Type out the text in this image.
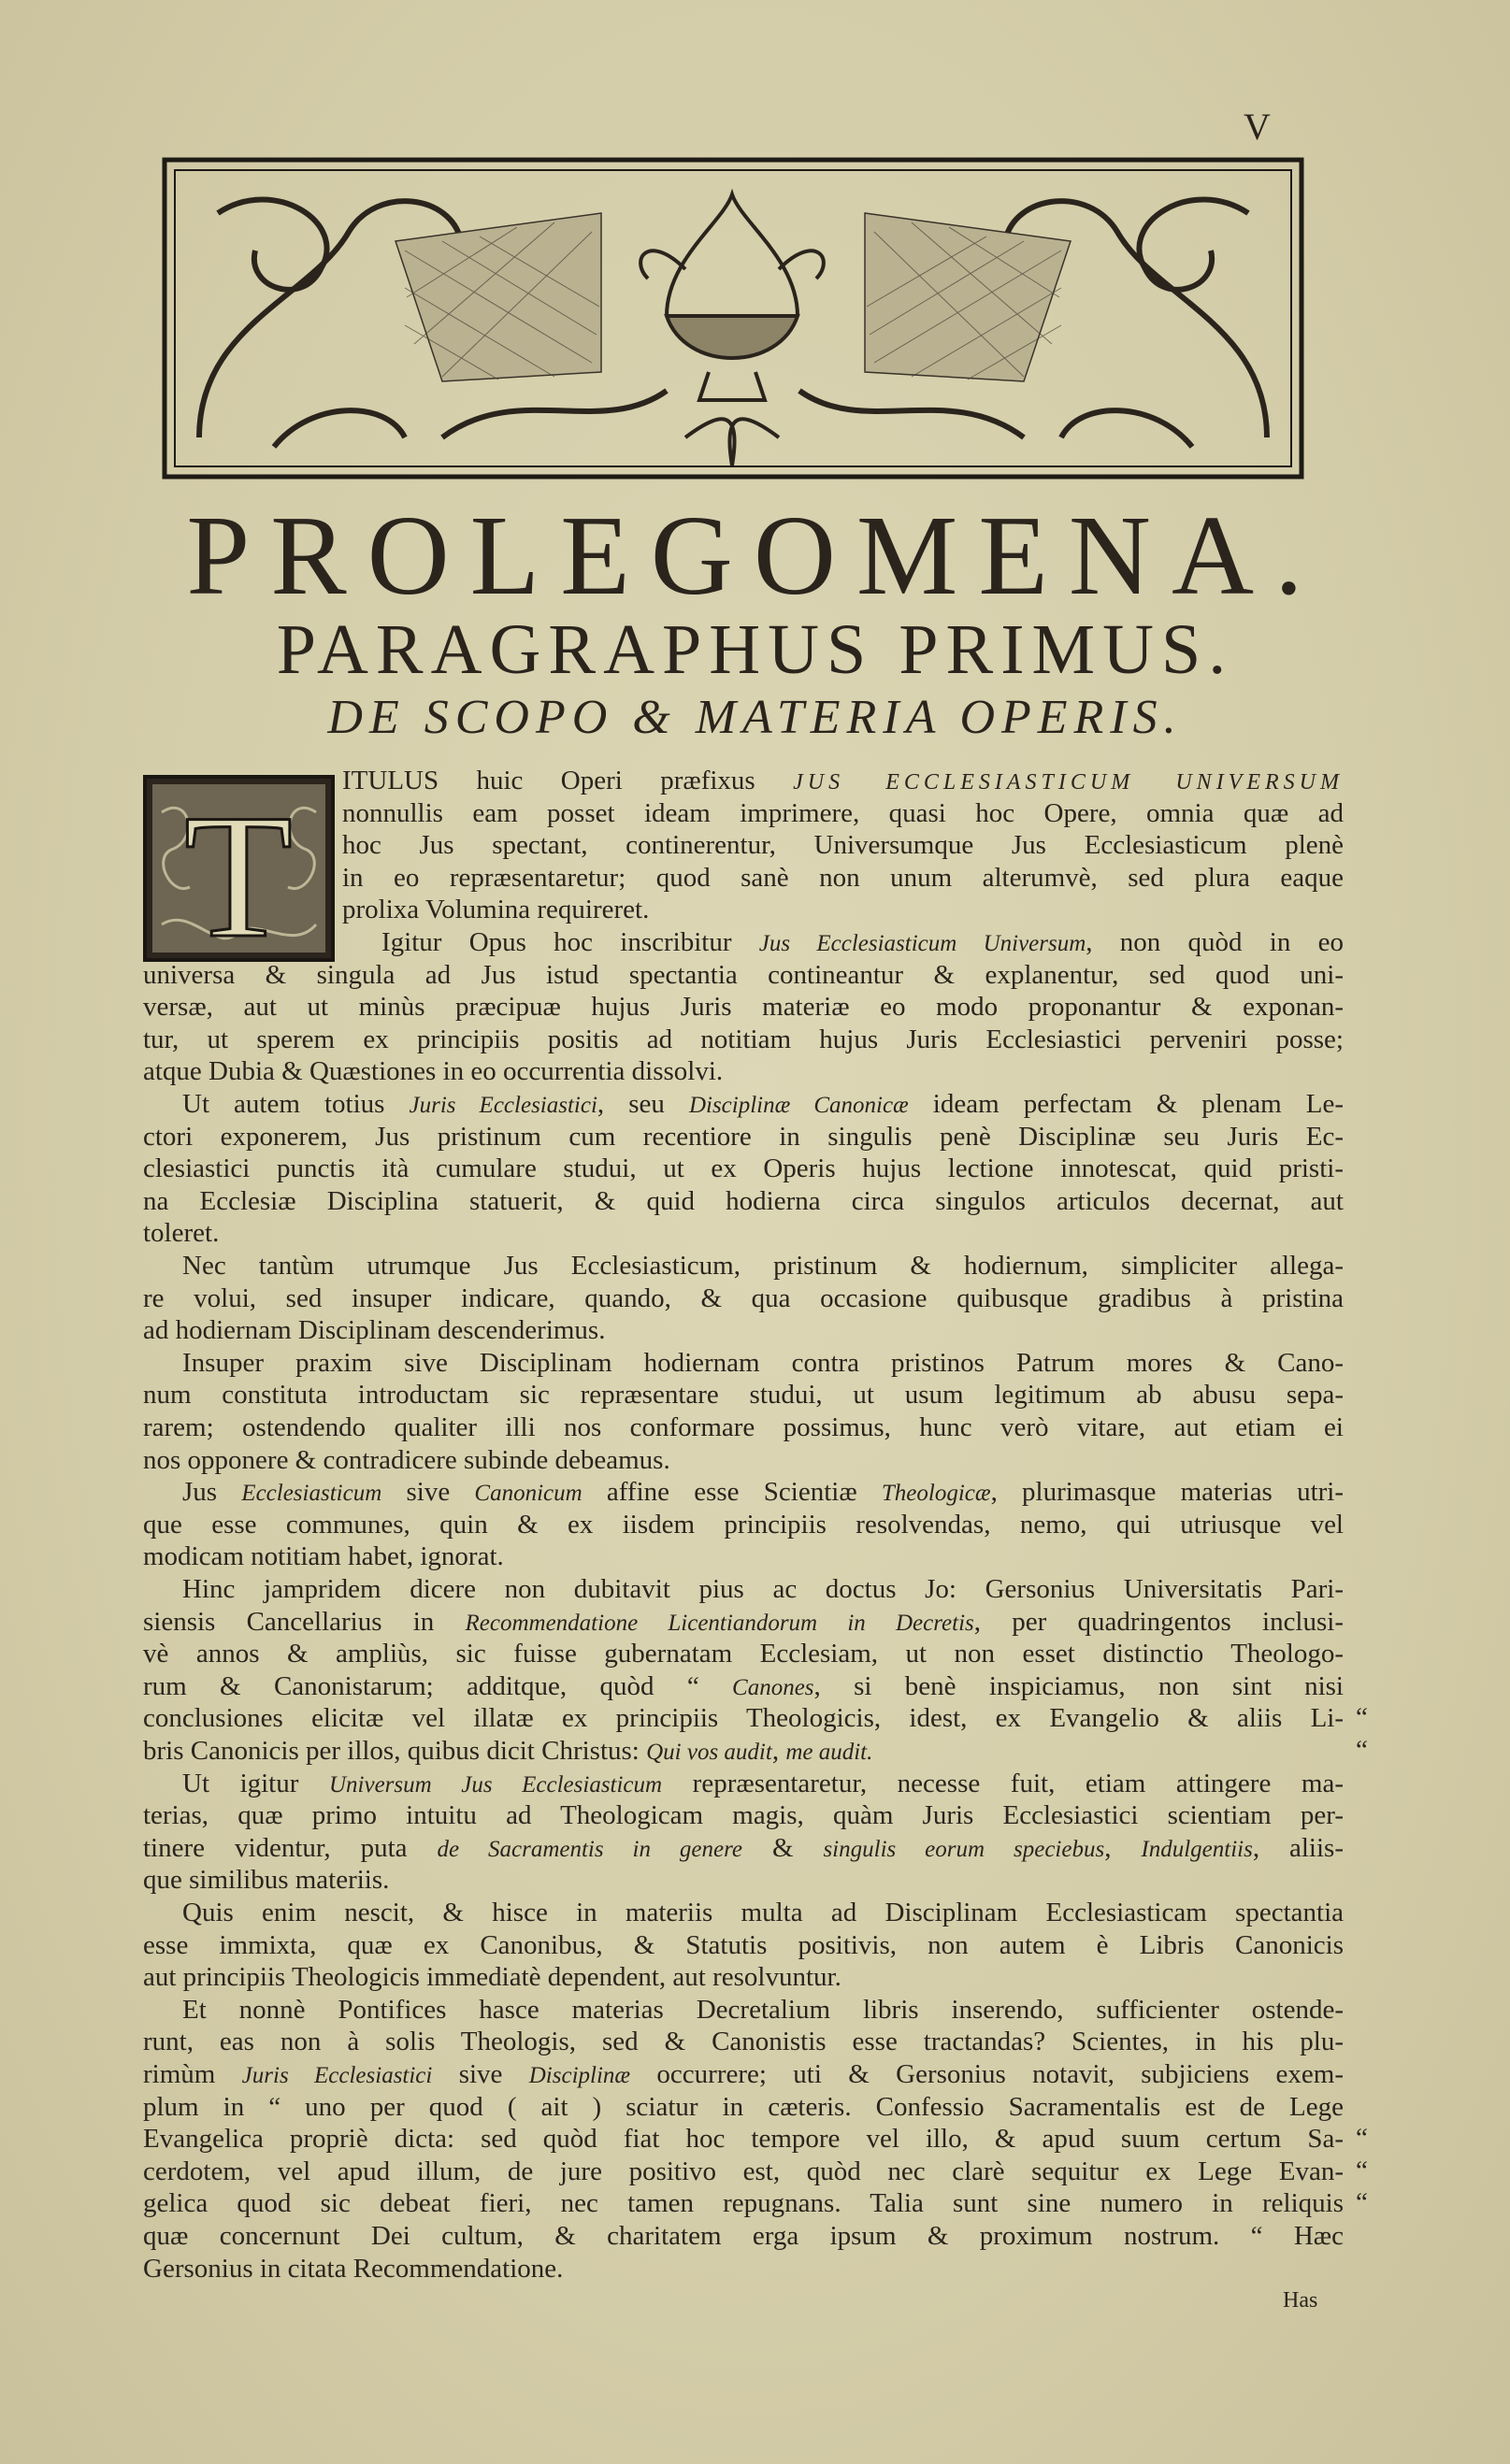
V
PROLEGOMENA.
PARAGRAPHUS PRIMUS.
DE SCOPO & MATERIA OPERIS.
T ITULUS huic Operi præfixus JUS ECCLESIASTICUM UNIVERSUM
nonnullis eam posset ideam imprimere, quasi hoc Opere, omnia quæ ad
hoc Jus spectant, continerentur, Universumque Jus Ecclesiasticum plenè
in eo repræsentaretur; quod sanè non unum alterumvè, sed plura eaque
prolixa Volumina requireret.
Igitur Opus hoc inscribitur Jus Ecclesiasticum Universum, non quòd in eo
universa & singula ad Jus istud spectantia contineantur & explanentur, sed quod uni-
versæ, aut ut minùs præcipuæ hujus Juris materiæ eo modo proponantur & exponan-
tur, ut sperem ex principiis positis ad notitiam hujus Juris Ecclesiastici perveniri posse;
atque Dubia & Quæstiones in eo occurrentia dissolvi.
Ut autem totius Juris Ecclesiastici, seu Disciplinæ Canonicæ ideam perfectam & plenam Le-
ctori exponerem, Jus pristinum cum recentiore in singulis penè Disciplinæ seu Juris Ec-
clesiastici punctis ità cumulare studui, ut ex Operis hujus lectione innotescat, quid pristi-
na Ecclesiæ Disciplina statuerit, & quid hodierna circa singulos articulos decernat, aut
toleret.
Nec tantùm utrumque Jus Ecclesiasticum, pristinum & hodiernum, simpliciter allega-
re volui, sed insuper indicare, quando, & qua occasione quibusque gradibus à pristina
ad hodiernam Disciplinam descenderimus.
Insuper praxim sive Disciplinam hodiernam contra pristinos Patrum mores & Cano-
num constituta introductam sic repræsentare studui, ut usum legitimum ab abusu sepa-
rarem; ostendendo qualiter illi nos conformare possimus, hunc verò vitare, aut etiam ei
nos opponere & contradicere subinde debeamus.
Jus Ecclesiasticum sive Canonicum affine esse Scientiæ Theologicæ, plurimasque materias utri-
que esse communes, quin & ex iisdem principiis resolvendas, nemo, qui utriusque vel
modicam notitiam habet, ignorat.
Hinc jampridem dicere non dubitavit pius ac doctus Jo: Gersonius Universitatis Pari-
siensis Cancellarius in Recommendatione Licentiandorum in Decretis, per quadringentos inclusi-
vè annos & ampliùs, sic fuisse gubernatam Ecclesiam, ut non esset distinctio Theologo-
rum & Canonistarum; additque, quòd “ Canones, si benè inspiciamus, non sint nisi
conclusiones elicitæ vel illatæ ex principiis Theologicis, idest, ex Evangelio & aliis Li-
bris Canonicis per illos, quibus dicit Christus: Qui vos audit, me audit.
“
“
Ut igitur Universum Jus Ecclesiasticum repræsentaretur, necesse fuit, etiam attingere ma-
terias, quæ primo intuitu ad Theologicam magis, quàm Juris Ecclesiastici scientiam per-
tinere videntur, puta de Sacramentis in genere & singulis eorum speciebus, Indulgentiis, aliis-
que similibus materiis.
Quis enim nescit, & hisce in materiis multa ad Disciplinam Ecclesiasticam spectantia
esse immixta, quæ ex Canonibus, & Statutis positivis, non autem è Libris Canonicis
aut principiis Theologicis immediatè dependent, aut resolvuntur.
Et nonnè Pontifices hasce materias Decretalium libris inserendo, sufficienter ostende-
runt, eas non à solis Theologis, sed & Canonistis esse tractandas? Scientes, in his plu-
rimùm Juris Ecclesiastici sive Disciplinæ occurrere; uti & Gersonius notavit, subjiciens exem-
plum in “ uno per quod ( ait ) sciatur in cæteris. Confessio Sacramentalis est de Lege
Evangelica propriè dicta: sed quòd fiat hoc tempore vel illo, & apud suum certum Sa-
cerdotem, vel apud illum, de jure positivo est, quòd nec clarè sequitur ex Lege Evan-
gelica quod sic debeat fieri, nec tamen repugnans. Talia sunt sine numero in reliquis
quæ concernunt Dei cultum, & charitatem erga ipsum & proximum nostrum. “ Hæc
Gersonius in citata Recommendatione.
“
“
“
Has
